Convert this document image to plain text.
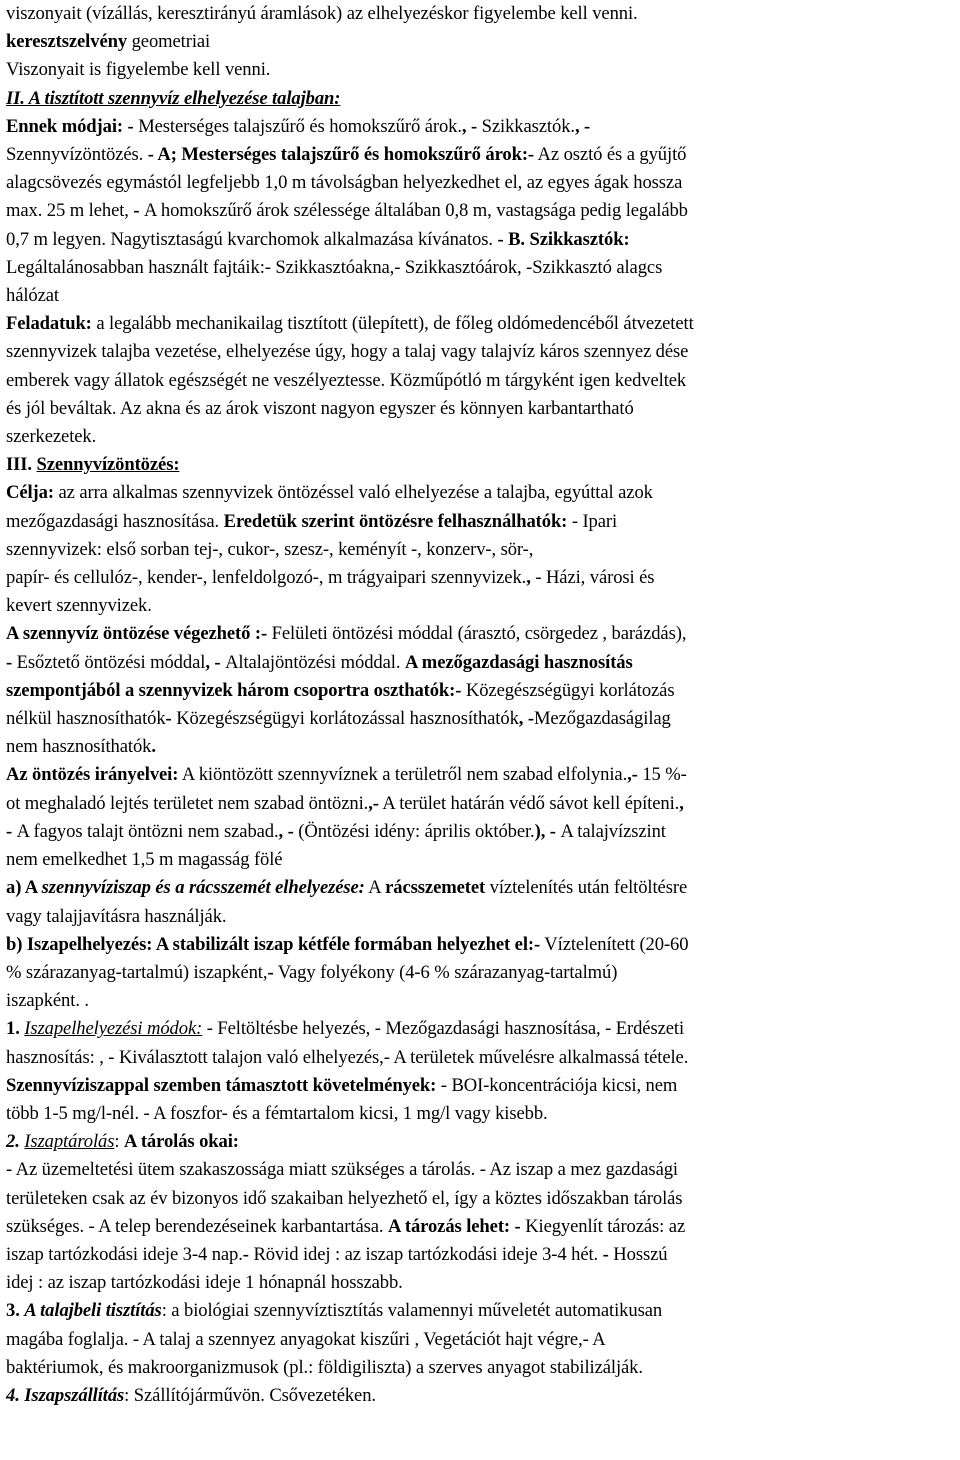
viszonyait (vízállás, keresztirányú áramlások) az elhelyezéskor figyelembe kell venni.
keresztszelvény geometriai
Viszonyait is figyelembe kell venni.
II. A tisztított szennyvíz elhelyezése talajban:
Ennek módjai: - Mesterséges talajszűrő és homokszűrő árok., - Szikkasztók., -
Szennyvízöntözés. - A; Mesterséges talajszűrő és homokszűrő árok:- Az osztó és a gyűjtő
alagcsövezés egymástól legfeljebb 1,0 m távolságban helyezkedhet el, az egyes ágak hossza
max. 25 m lehet, - A homokszűrő árok szélessége általában 0,8 m, vastagsága pedig legalább
0,7 m legyen. Nagytisztaságú kvarchomok alkalmazása kívánatos. - B. Szikkasztók:
Legáltalánosabban használt fajtáik:- Szikkasztóakna,- Szikkasztóárok, -Szikkasztó alagcs
hálózat
Feladatuk: a legalább mechanikailag tisztított (ülepített), de főleg oldómedencéből átvezetett
szennyvizek talajba vezetése, elhelyezése úgy, hogy a talaj vagy talajvíz káros szennyez dése
emberek vagy állatok egészségét ne veszélyeztesse. Közműpótló m tárgyként igen kedveltek
és jól beváltak. Az akna és az árok viszont nagyon egyszer és könnyen karbantartható
szerkezetek.
III. Szennyvízöntözés:
Célja: az arra alkalmas szennyvizek öntözéssel való elhelyezése a talajba, egyúttal azok
mezőgazdasági hasznosítása. Eredetük szerint öntözésre felhasználhatók: - Ipari
szennyvizek: első sorban tej-, cukor-, szesz-, keményít -, konzerv-, sör-,
papír- és cellulóz-, kender-, lenfeldolgozó-, m trágyaipari szennyvizek., - Házi, városi és
kevert szennyvizek.
A szennyvíz öntözése végezhető :- Felületi öntözési móddal (árasztó, csörgedez , barázdás),
- Esőztető öntözési móddal, - Altalajöntözési móddal. A mezőgazdasági hasznosítás
szempontjából a szennyvizek három csoportra oszthatók:- Közegészségügyi korlátozás
nélkül hasznosíthatók- Közegészségügyi korlátozással hasznosíthatók, -Mezőgazdaságilag
nem hasznosíthatók.
Az öntözés irányelvei: A kiöntözött szennyvíznek a területről nem szabad elfolynia.,- 15 %-
ot meghaladó lejtés területet nem szabad öntözni.,- A terület határán védő sávot kell építeni.,
- A fagyos talajt öntözni nem szabad., - (Öntözési idény: április október.), - A talajvízszint
nem emelkedhet 1,5 m magasság fölé
a) A szennyvíziszap és a rácsszemét elhelyezése: A rácsszemetet víztelenítés után feltöltésre
vagy talajjavításra használják.
b) Iszapelhelyezés: A stabilizált iszap kétféle formában helyezhet el:- Víztelenített (20-60
% szárazanyag-tartalmú) iszapként,- Vagy folyékony (4-6 % szárazanyag-tartalmú)
iszapként. .
1. Iszapelhelyezési módok: - Feltöltésbe helyezés, - Mezőgazdasági hasznosítása, - Erdészeti
hasznosítás: , - Kiválasztott talajon való elhelyezés,- A területek művelésre alkalmassá tétele.
Szennyvíziszappal szemben támasztott követelmények: - BOI-koncentrációja kicsi, nem
több 1-5 mg/l-nél. - A foszfor- és a fémtartalom kicsi, 1 mg/l vagy kisebb.
2. Iszaptárolás: A tárolás okai:
- Az üzemeltetési ütem szakaszossága miatt szükséges a tárolás. - Az iszap a mez gazdasági
területeken csak az év bizonyos idő szakaiban helyezhető el, így a köztes időszakban tárolás
szükséges. - A telep berendezéseinek karbantartása. A tározás lehet: - Kiegyenlít tározás: az
iszap tartózkodási ideje 3-4 nap.- Rövid idej : az iszap tartózkodási ideje 3-4 hét. - Hosszú
idej : az iszap tartózkodási ideje 1 hónapnál hosszabb.
3. A talajbeli tisztítás: a biológiai szennyvíztisztítás valamennyi műveletét automatikusan
magába foglalja. - A talaj a szennyez anyagokat kiszűri , Vegetációt hajt végre,- A
baktériumok, és makroorganizmusok (pl.: földigiliszta) a szerves anyagot stabilizálják.
4. Iszapszállítás: Szállítójárművön. Csővezetéken.
